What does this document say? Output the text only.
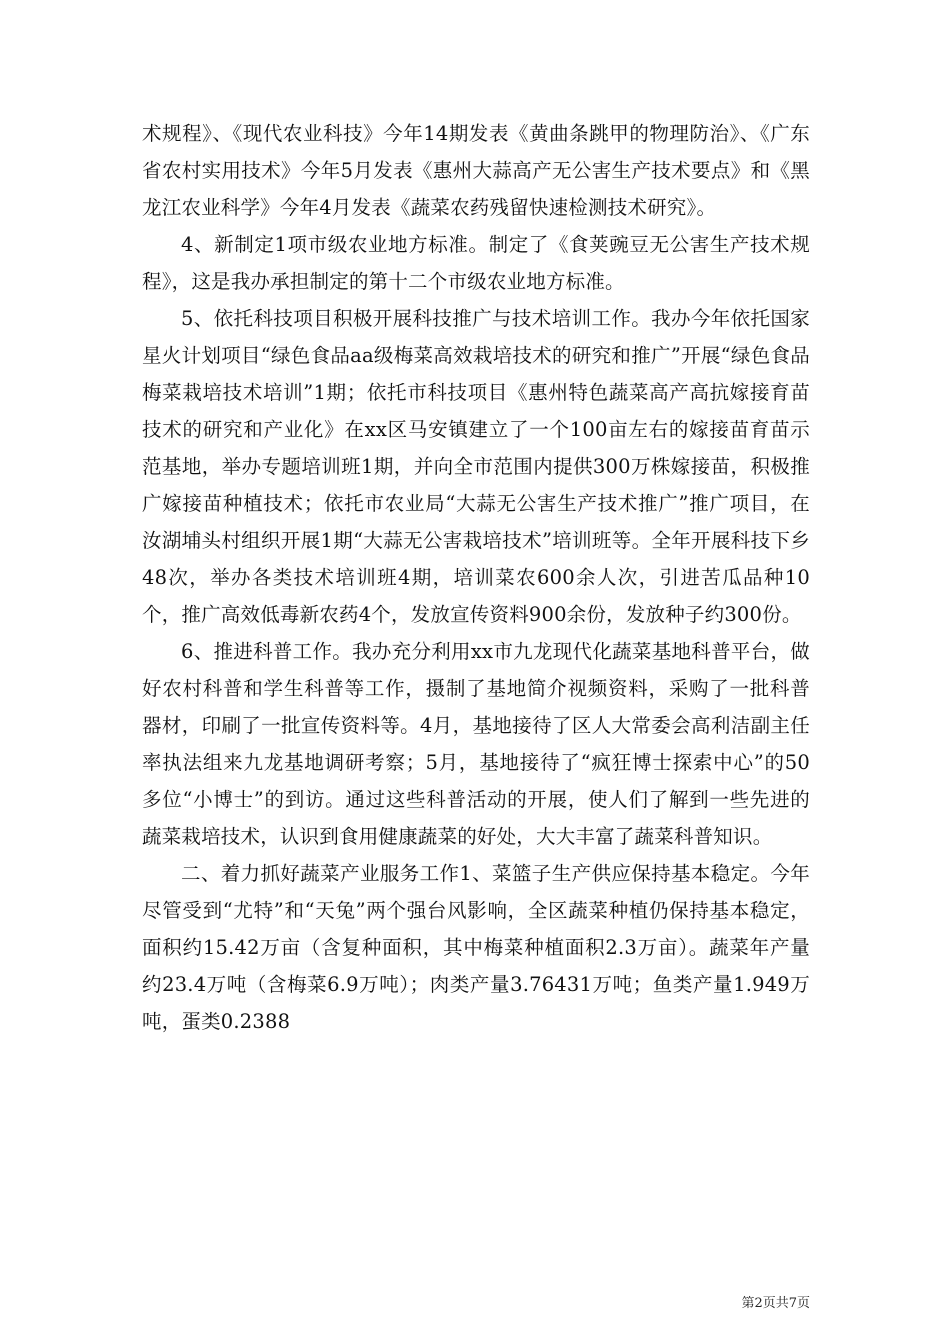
术规程》、《现代农业科技》今年14期发表《黄曲条跳甲的物理防治》、《广东省农村实用技术》今年5月发表《惠州大蒜高产无公害生产技术要点》和《黑龙江农业科学》今年4月发表《蔬菜农药残留快速检测技术研究》。

4、新制定1项市级农业地方标准。制定了《食荚豌豆无公害生产技术规程》，这是我办承担制定的第十二个市级农业地方标准。

5、依托科技项目积极开展科技推广与技术培训工作。我办今年依托国家星火计划项目“绿色食品aa级梅菜高效栽培技术的研究和推广”开展“绿色食品梅菜栽培技术培训”1期；依托市科技项目《惠州特色蔬菜高产高抗嫁接育苗技术的研究和产业化》在xx区马安镇建立了一个100亩左右的嫁接苗育苗示范基地，举办专题培训班1期，并向全市范围内提供300万株嫁接苗，积极推广嫁接苗种植技术；依托市农业局“大蒜无公害生产技术推广”推广项目，在汝湖埔头村组织开展1期“大蒜无公害栽培技术”培训班等。全年开展科技下乡48次，举办各类技术培训班4期，培训菜农600余人次，引进苦瓜品种10个，推广高效低毒新农药4个，发放宣传资料900余份，发放种子约300份。

6、推进科普工作。我办充分利用xx市九龙现代化蔬菜基地科普平台，做好农村科普和学生科普等工作，摄制了基地简介视频资料，采购了一批科普器材，印刷了一批宣传资料等。4月，基地接待了区人大常委会高利洁副主任率执法组来九龙基地调研考察；5月，基地接待了“疯狂博士探索中心”的50多位“小博士”的到访。通过这些科普活动的开展，使人们了解到一些先进的蔬菜栽培技术，认识到食用健康蔬菜的好处，大大丰富了蔬菜科普知识。

二、着力抓好蔬菜产业服务工作1、菜篮子生产供应保持基本稳定。今年尽管受到“尤特”和“天兔”两个强台风影响，全区蔬菜种植仍保持基本稳定，面积约15.42万亩（含复种面积，其中梅菜种植面积2.3万亩）。蔬菜年产量约23.4万吨（含梅菜6.9万吨）；肉类产量3.76431万吨；鱼类产量1.949万吨，蛋类0.2388

第2页共7页
